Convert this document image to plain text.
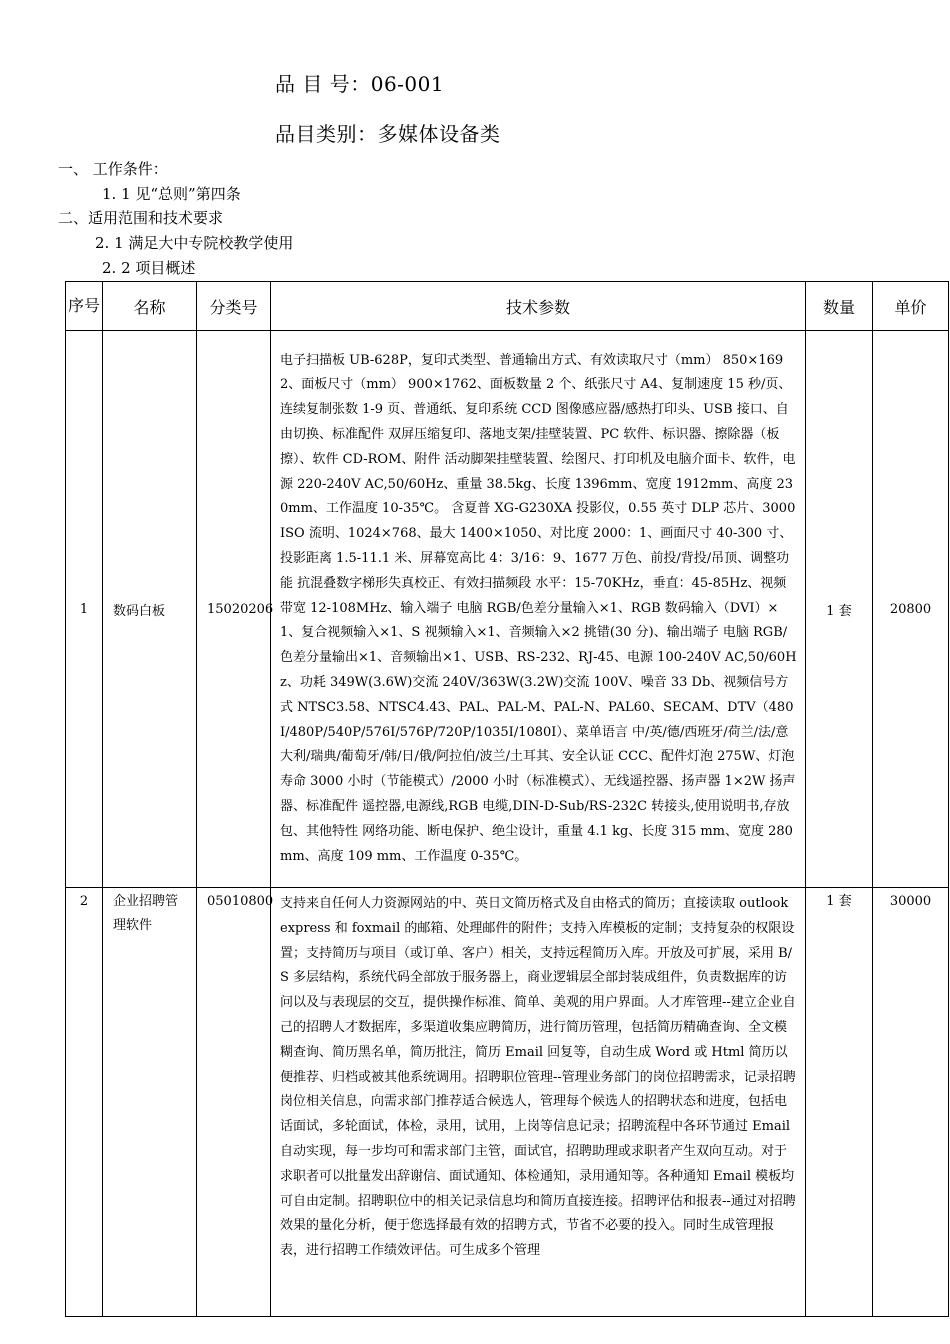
品 目 号：06-001
品目类别：多媒体设备类
一、 工作条件：
1. 1 见“总则”第四条
二、适用范围和技术要求
2. 1 满足大中专院校教学使用
2. 2 项目概述
序号	名称	分类号	技术参数	数量	单价
1	数码白板	15020206	电子扫描板 UB-628P，复印式类型、普通输出方式、有效读取尺寸（mm） 850×1692、面板尺寸（mm） 900×1762、面板数量 2 个、纸张尺寸 A4、复制速度 15 秒/页、连续复制张数 1-9 页、普通纸、复印系统 CCD 图像感应器/感热打印头、USB 接口、自由切换、标准配件 双屏压缩复印、落地支架/挂壁装置、PC 软件、标识器、擦除器（板擦）、软件 CD-ROM、附件 活动脚架挂壁装置、绘图尺、打印机及电脑介面卡、软件，电源 220-240V AC,50/60Hz、重量 38.5kg、长度 1396mm、宽度 1912mm、高度 230mm、工作温度 10-35℃。 含夏普 XG-G230XA 投影仪，0.55 英寸 DLP 芯片、3000ISO 流明、1024×768、最大 1400×1050、对比度 2000：1、画面尺寸 40-300 寸、投影距离 1.5-11.1 米、屏幕宽高比 4：3/16：9、1677 万色、前投/背投/吊顶、调整功能 抗混叠数字梯形失真校正、有效扫描频段 水平：15-70KHz，垂直：45-85Hz、视频带宽 12-108MHz、输入端子 电脑 RGB/色差分量输入×1、RGB 数码输入（DVI）×1、复合视频输入×1、S 视频输入×1、音频输入×2 挑错(30 分)、输出端子 电脑 RGB/色差分量输出×1、音频输出×1、USB、RS-232、RJ-45、电源 100-240V AC,50/60Hz、功耗 349W(3.6W)交流 240V/363W(3.2W)交流 100V、噪音 33 Db、视频信号方式 NTSC3.58、NTSC4.43、PAL、PAL-M、PAL-N、PAL60、SECAM、DTV（480I/480P/540P/576I/576P/720P/1035I/1080I）、菜单语言 中/英/德/西班牙/荷兰/法/意大利/瑞典/葡萄牙/韩/日/俄/阿拉伯/波兰/土耳其、安全认证 CCC、配件灯泡 275W、灯泡寿命 3000 小时（节能模式）/2000 小时（标准模式）、无线遥控器、扬声器 1×2W 扬声器、标准配件 遥控器,电源线,RGB 电缆,DIN-D-Sub/RS-232C 转接头,使用说明书,存放包、其他特性 网络功能、断电保护、绝尘设计，重量 4.1 kg、长度 315 mm、宽度 280 mm、高度 109 mm、工作温度 0-35℃。	1 套	20800
2	企业招聘管理软件	05010800	支持来自任何人力资源网站的中、英日文简历格式及自由格式的简历；直接读取 outlook express 和 foxmail 的邮箱、处理邮件的附件；支持入库模板的定制；支持复杂的权限设置；支持简历与项目（或订单、客户）相关，支持远程简历入库。开放及可扩展，采用 B/S 多层结构，系统代码全部放于服务器上，商业逻辑层全部封装成组件，负责数据库的访问以及与表现层的交互，提供操作标准、简单、美观的用户界面。人才库管理--建立企业自己的招聘人才数据库，多渠道收集应聘简历，进行简历管理，包括简历精确查询、全文模糊查询、简历黑名单，简历批注，简历 Email 回复等，自动生成 Word 或 Html 简历以便推荐、归档或被其他系统调用。招聘职位管理--管理业务部门的岗位招聘需求，记录招聘岗位相关信息，向需求部门推荐适合候选人，管理每个候选人的招聘状态和进度，包括电话面试，多轮面试，体检，录用，试用，上岗等信息记录；招聘流程中各环节通过 Email 自动实现，每一步均可和需求部门主管，面试官，招聘助理或求职者产生双向互动。对于求职者可以批量发出辞谢信、面试通知、体检通知，录用通知等。各种通知 Email 模板均可自由定制。招聘职位中的相关记录信息均和简历直接连接。招聘评估和报表--通过对招聘效果的量化分析，便于您选择最有效的招聘方式，节省不必要的投入。同时生成管理报表，进行招聘工作绩效评估。可生成多个管理	1 套	30000
